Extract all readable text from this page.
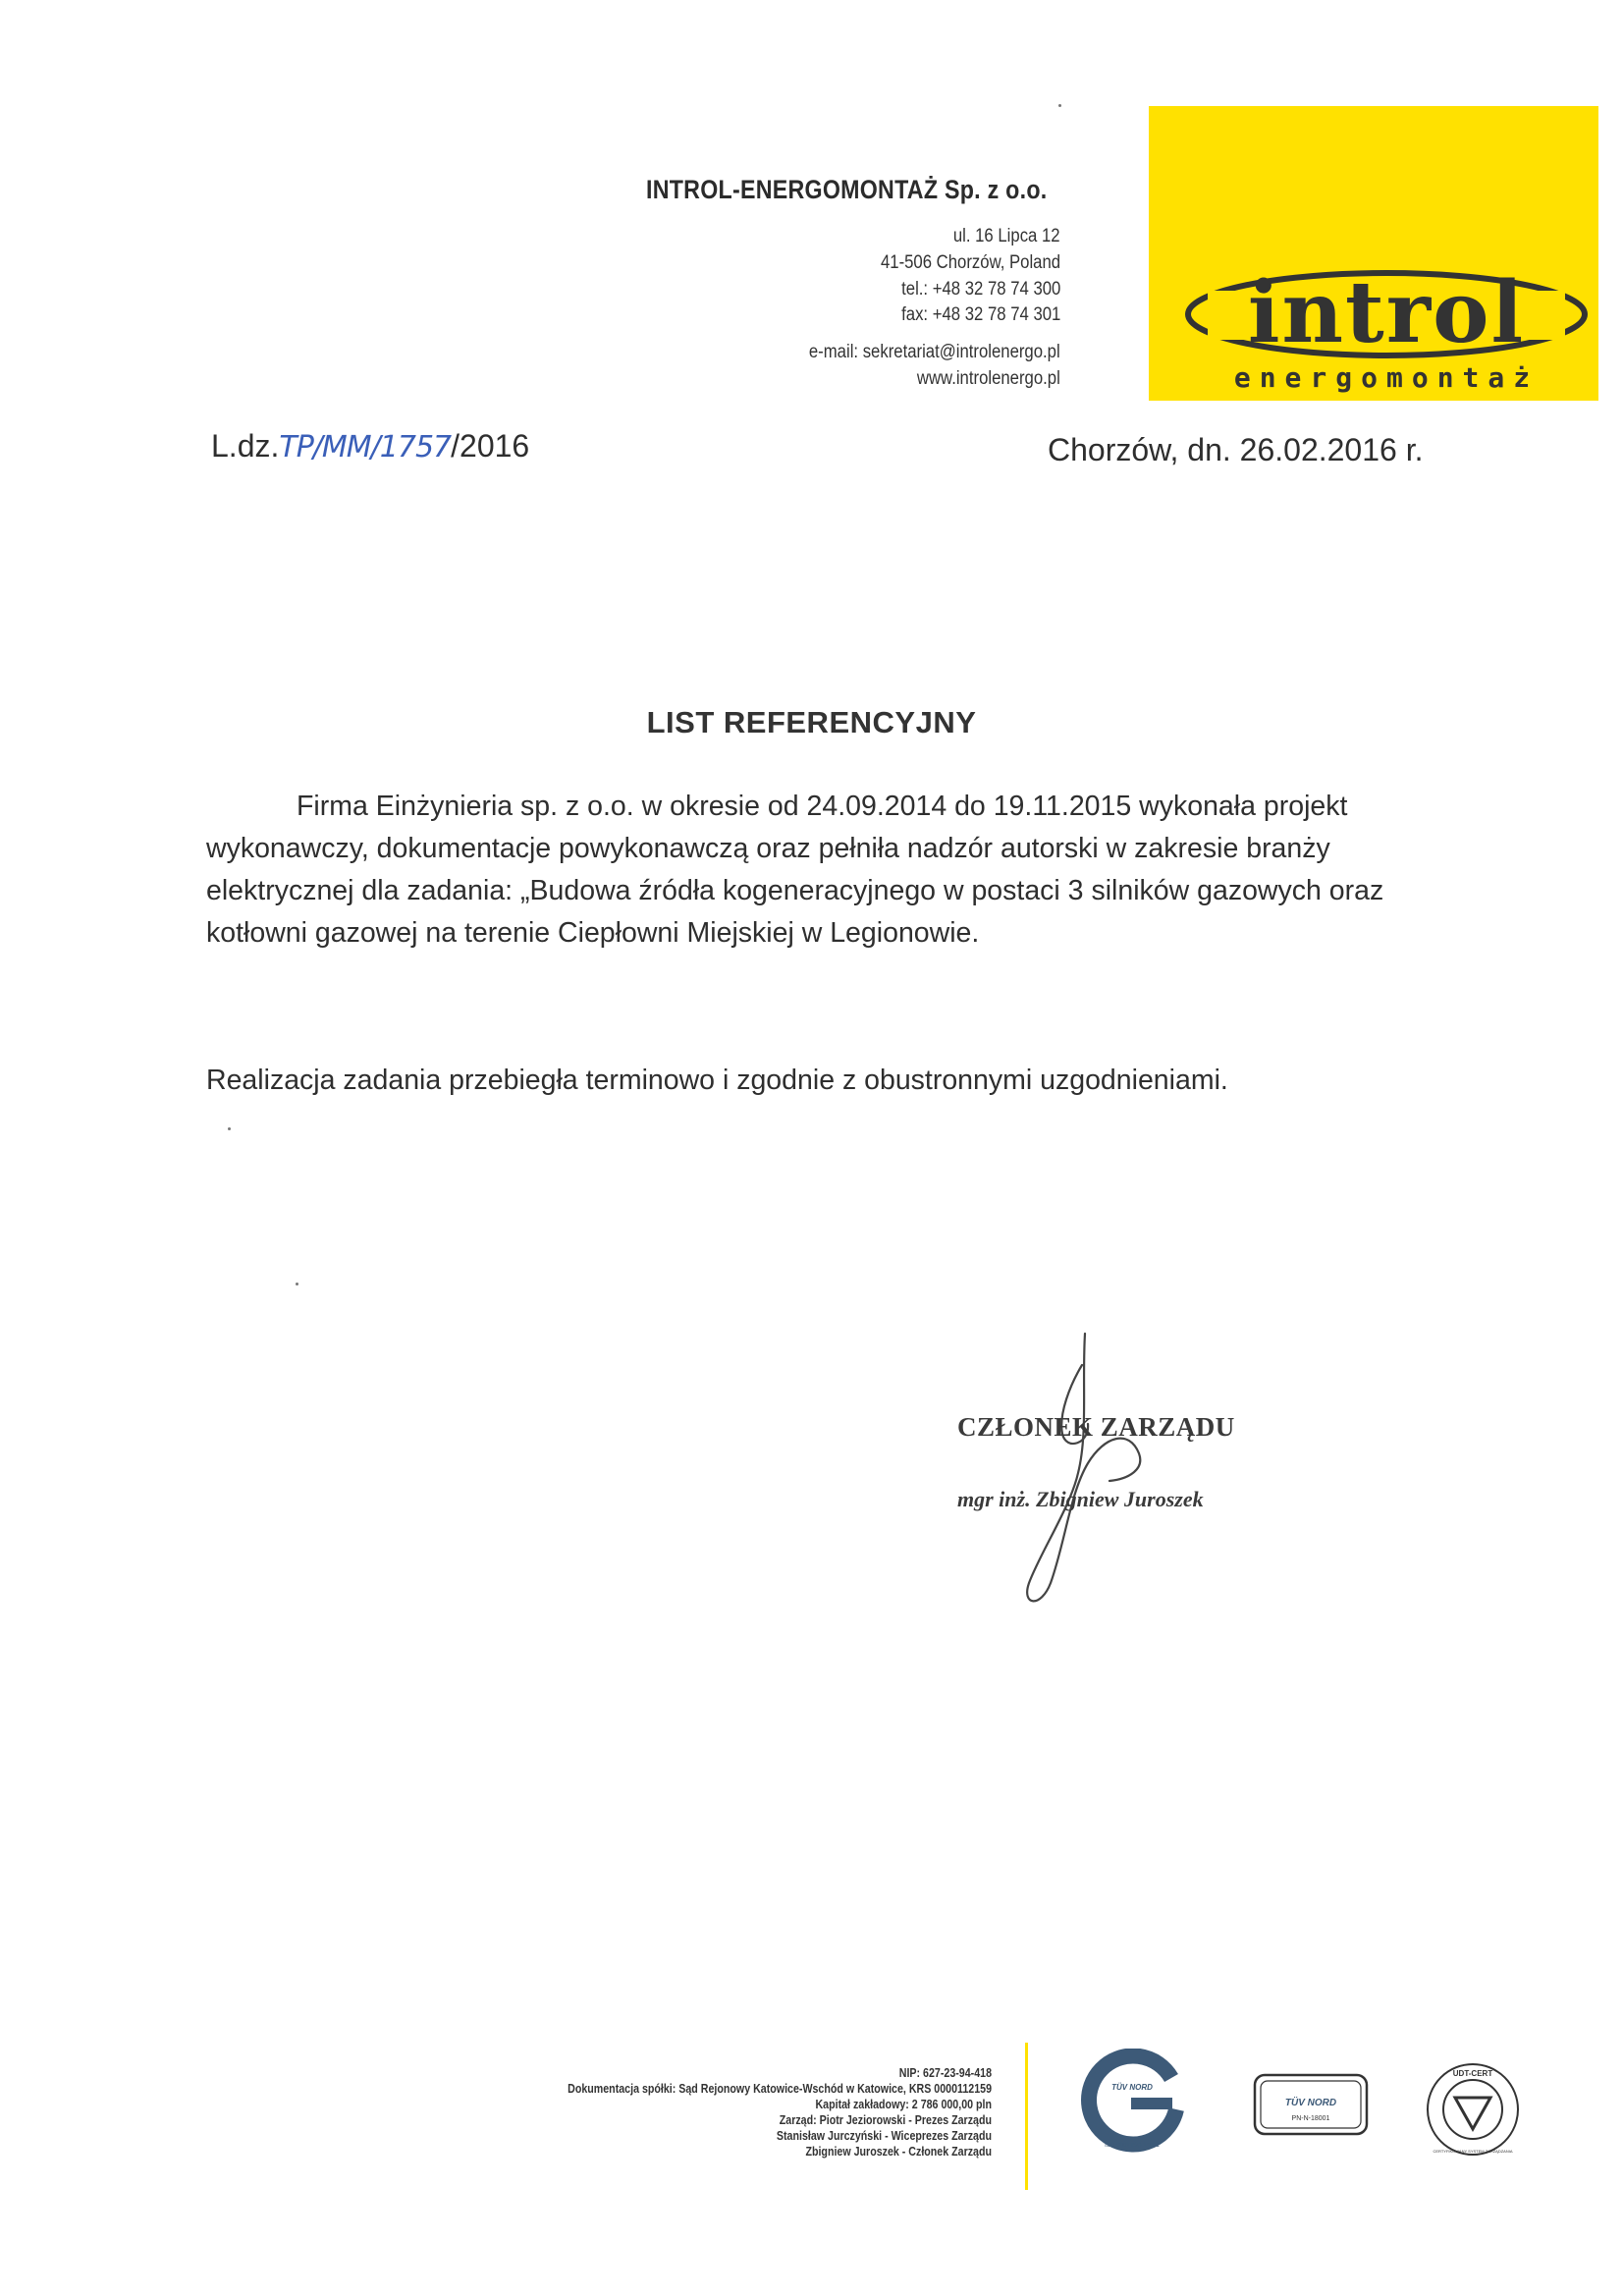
INTROL-ENERGOMONTAŻ Sp. z o.o.
ul. 16 Lipca 12
41-506 Chorzów, Poland
tel.: +48 32 78 74 300
fax: +48 32 78 74 301
e-mail: sekretariat@introlenergo.pl
www.introlenergo.pl
introl
energomontaż
L.dz.TP/MM/1757/2016	Chorzów, dn. 26.02.2016 r.
LIST REFERENCYJNY
Firma Einżynieria sp. z o.o. w okresie od 24.09.2014 do 19.11.2015 wykonała projekt
wykonawczy, dokumentacje powykonawczą oraz pełniła nadzór autorski w zakresie branży
elektrycznej dla zadania: „Budowa źródła kogeneracyjnego w postaci 3 silników gazowych oraz
kotłowni gazowej na terenie Ciepłowni Miejskiej w Legionowie.
Realizacja zadania przebiegła terminowo i zgodnie z obustronnymi uzgodnieniami.
CZŁONEK ZARZĄDU
mgr inż. Zbigniew Juroszek
NIP: 627-23-94-418
Dokumentacja spółki: Sąd Rejonowy Katowice-Wschód w Katowice, KRS 0000112159
Kapitał zakładowy: 2 786 000,00 pln
Zarząd: Piotr Jeziorowski - Prezes Zarządu
Stanisław Jurczyński - Wiceprezes Zarządu
Zbigniew Juroszek - Członek Zarządu
TÜV NORD
ISO 9001 ISO 14001
TÜV NORD
PN-N-18001
UDT-CERT
CERTYFIKOWANY SYSTEM ZARZĄDZANIA
